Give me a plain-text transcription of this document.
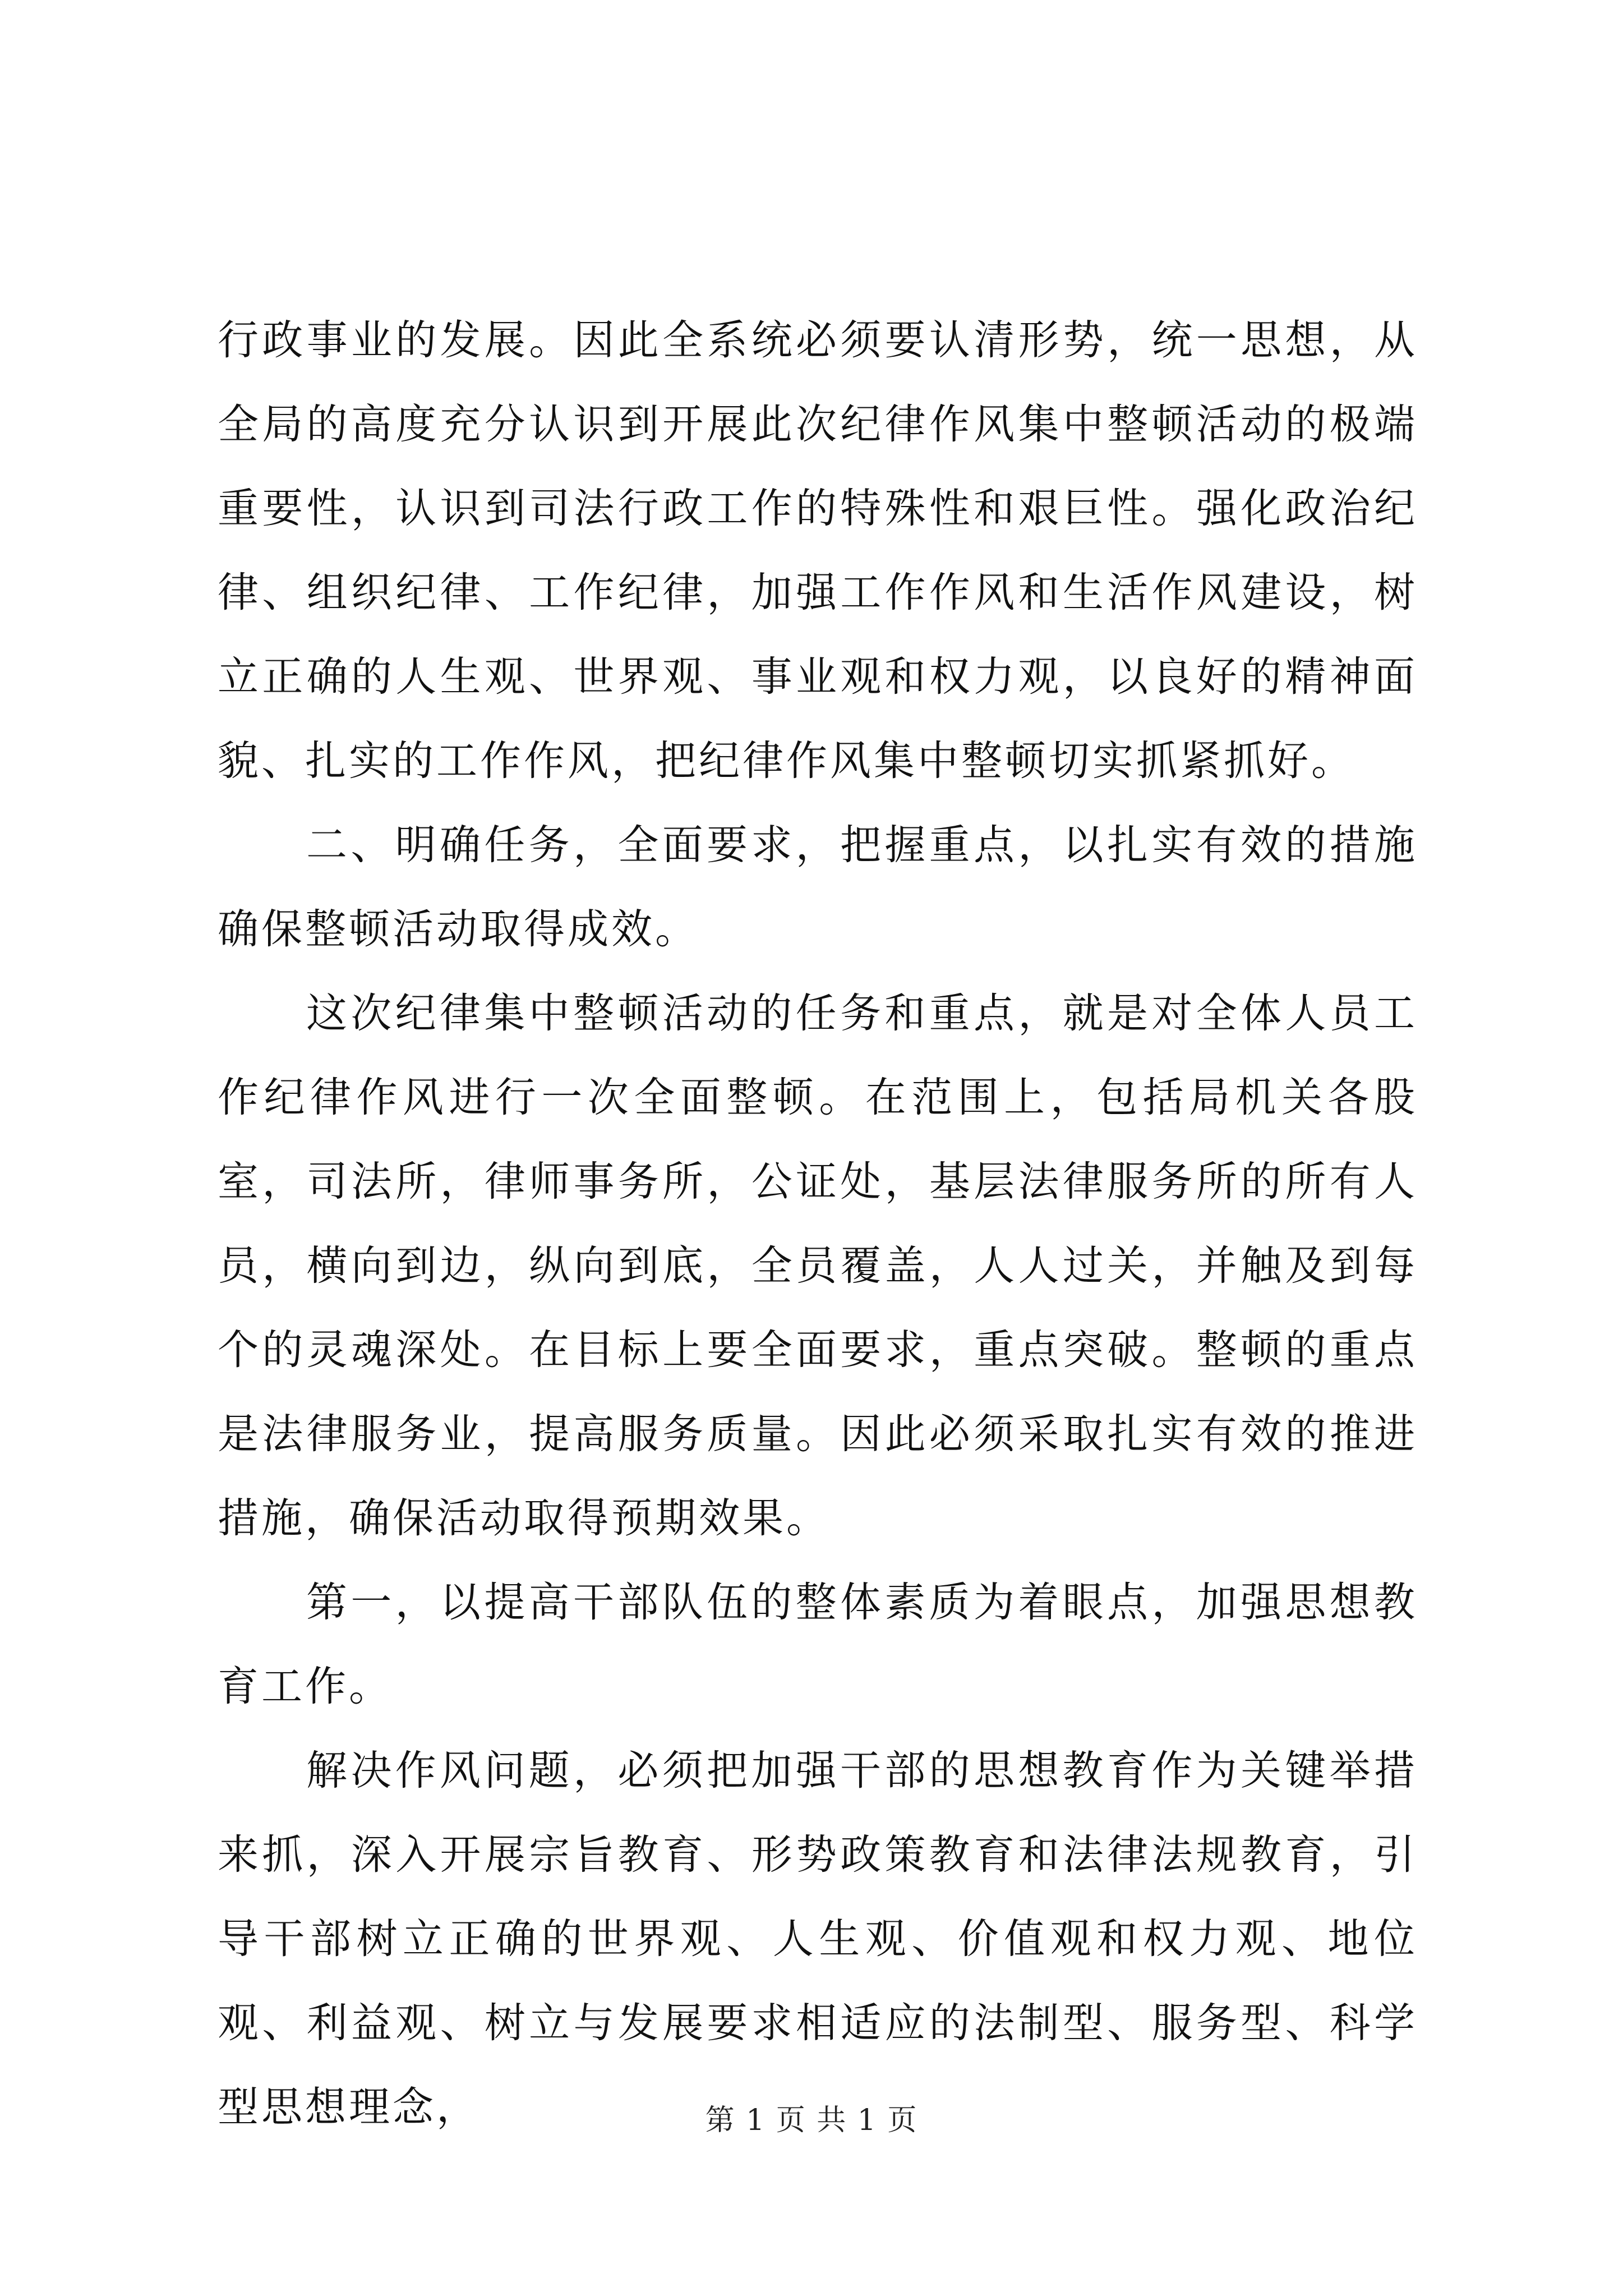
行政事业的发展。因此全系统必须要认清形势，统一思想，从全局的高度充分认识到开展此次纪律作风集中整顿活动的极端重要性，认识到司法行政工作的特殊性和艰巨性。强化政治纪律、组织纪律、工作纪律，加强工作作风和生活作风建设，树立正确的人生观、世界观、事业观和权力观，以良好的精神面貌、扎实的工作作风，把纪律作风集中整顿切实抓紧抓好。

二、明确任务，全面要求，把握重点，以扎实有效的措施确保整顿活动取得成效。

这次纪律集中整顿活动的任务和重点，就是对全体人员工作纪律作风进行一次全面整顿。在范围上，包括局机关各股室，司法所，律师事务所，公证处，基层法律服务所的所有人员，横向到边，纵向到底，全员覆盖，人人过关，并触及到每个的灵魂深处。在目标上要全面要求，重点突破。整顿的重点是法律服务业，提高服务质量。因此必须采取扎实有效的推进措施，确保活动取得预期效果。

第一，以提高干部队伍的整体素质为着眼点，加强思想教育工作。

解决作风问题，必须把加强干部的思想教育作为关键举措来抓，深入开展宗旨教育、形势政策教育和法律法规教育，引导干部树立正确的世界观、人生观、价值观和权力观、地位观、利益观、树立与发展要求相适应的法制型、服务型、科学型思想理念，	第 1 页 共 1 页
